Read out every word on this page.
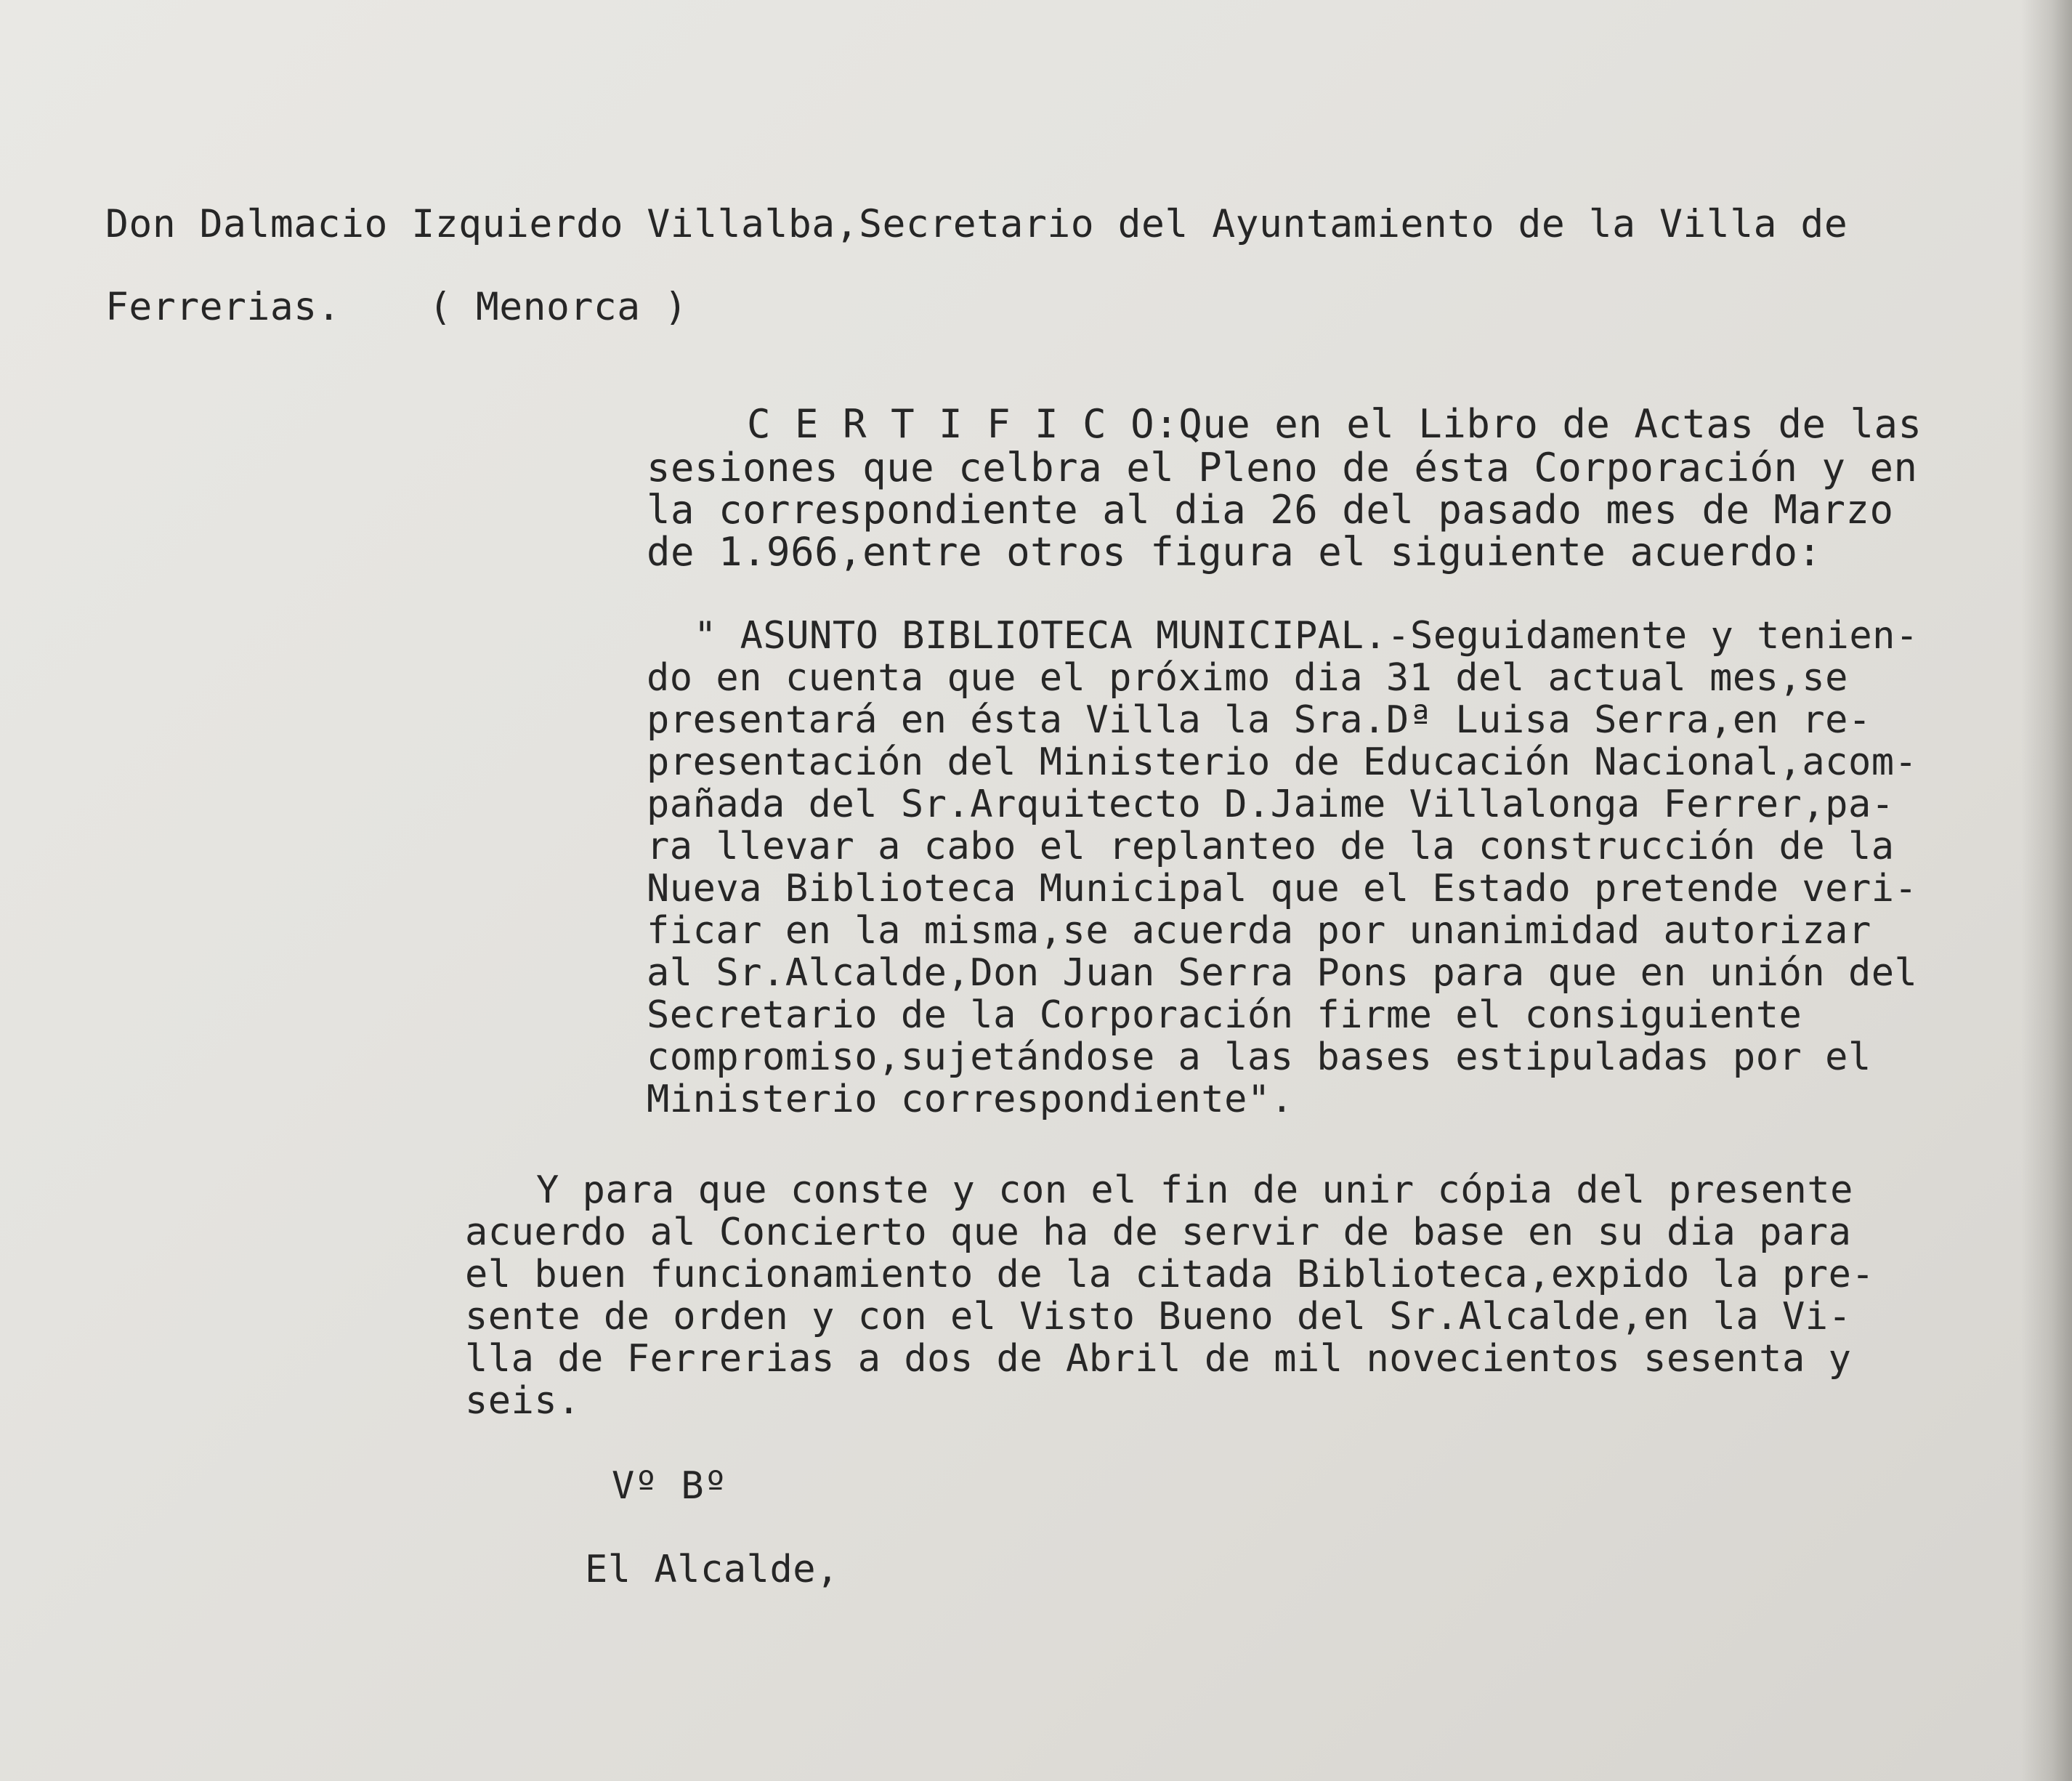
Don Dalmacio Izquierdo Villalba,Secretario del Ayuntamiento de la Villa de
Ferrerias. ( Menorca )
C E R T I F I C O:Que en el Libro de Actas de las
sesiones que celbra el Pleno de ésta Corporación y en
la correspondiente al dia 26 del pasado mes de Marzo
de 1.966,entre otros figura el siguiente acuerdo:
" ASUNTO BIBLIOTECA MUNICIPAL.-Seguidamente y tenien-
do en cuenta que el próximo dia 31 del actual mes,se
presentará en ésta Villa la Sra.Dª Luisa Serra,en re-
presentación del Ministerio de Educación Nacional,acom-
pañada del Sr.Arquitecto D.Jaime Villalonga Ferrer,pa-
ra llevar a cabo el replanteo de la construcción de la
Nueva Biblioteca Municipal que el Estado pretende veri-
ficar en la misma,se acuerda por unanimidad autorizar
al Sr.Alcalde,Don Juan Serra Pons para que en unión del
Secretario de la Corporación firme el consiguiente
compromiso,sujetándose a las bases estipuladas por el
Ministerio correspondiente".
Y para que conste y con el fin de unir cópia del presente
acuerdo al Concierto que ha de servir de base en su dia para
el buen funcionamiento de la citada Biblioteca,expido la pre-
sente de orden y con el Visto Bueno del Sr.Alcalde,en la Vi-
lla de Ferrerias a dos de Abril de mil novecientos sesenta y
seis.
Vº Bº
El Alcalde,
